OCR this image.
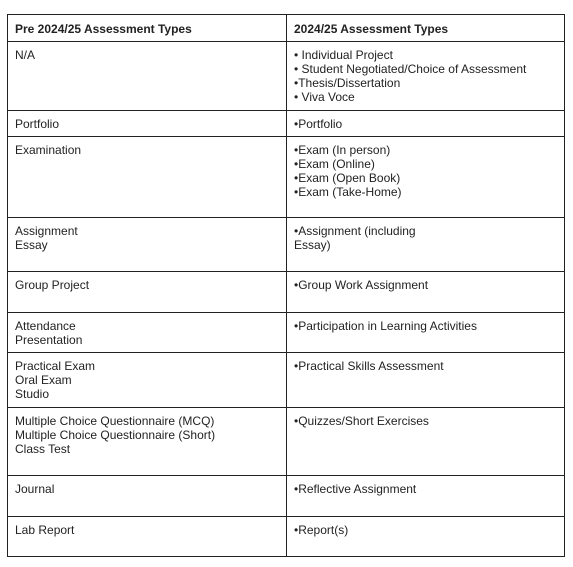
Pre 2024/25 Assessment Types	2024/25 Assessment Types

N/A	• Individual Project
• Student Negotiated/Choice of Assessment
•Thesis/Dissertation
• Viva Voce

Portfolio	•Portfolio

Examination	•Exam (In person)
•Exam (Online)
•Exam (Open Book)
•Exam (Take-Home)

Assignment
Essay	•Assignment (including
Essay)

Group Project	•Group Work Assignment

Attendance
Presentation	•Participation in Learning Activities

Practical Exam
Oral Exam
Studio	•Practical Skills Assessment

Multiple Choice Questionnaire (MCQ)
Multiple Choice Questionnaire (Short)
Class Test	•Quizzes/Short Exercises

Journal	•Reflective Assignment

Lab Report	•Report(s)
